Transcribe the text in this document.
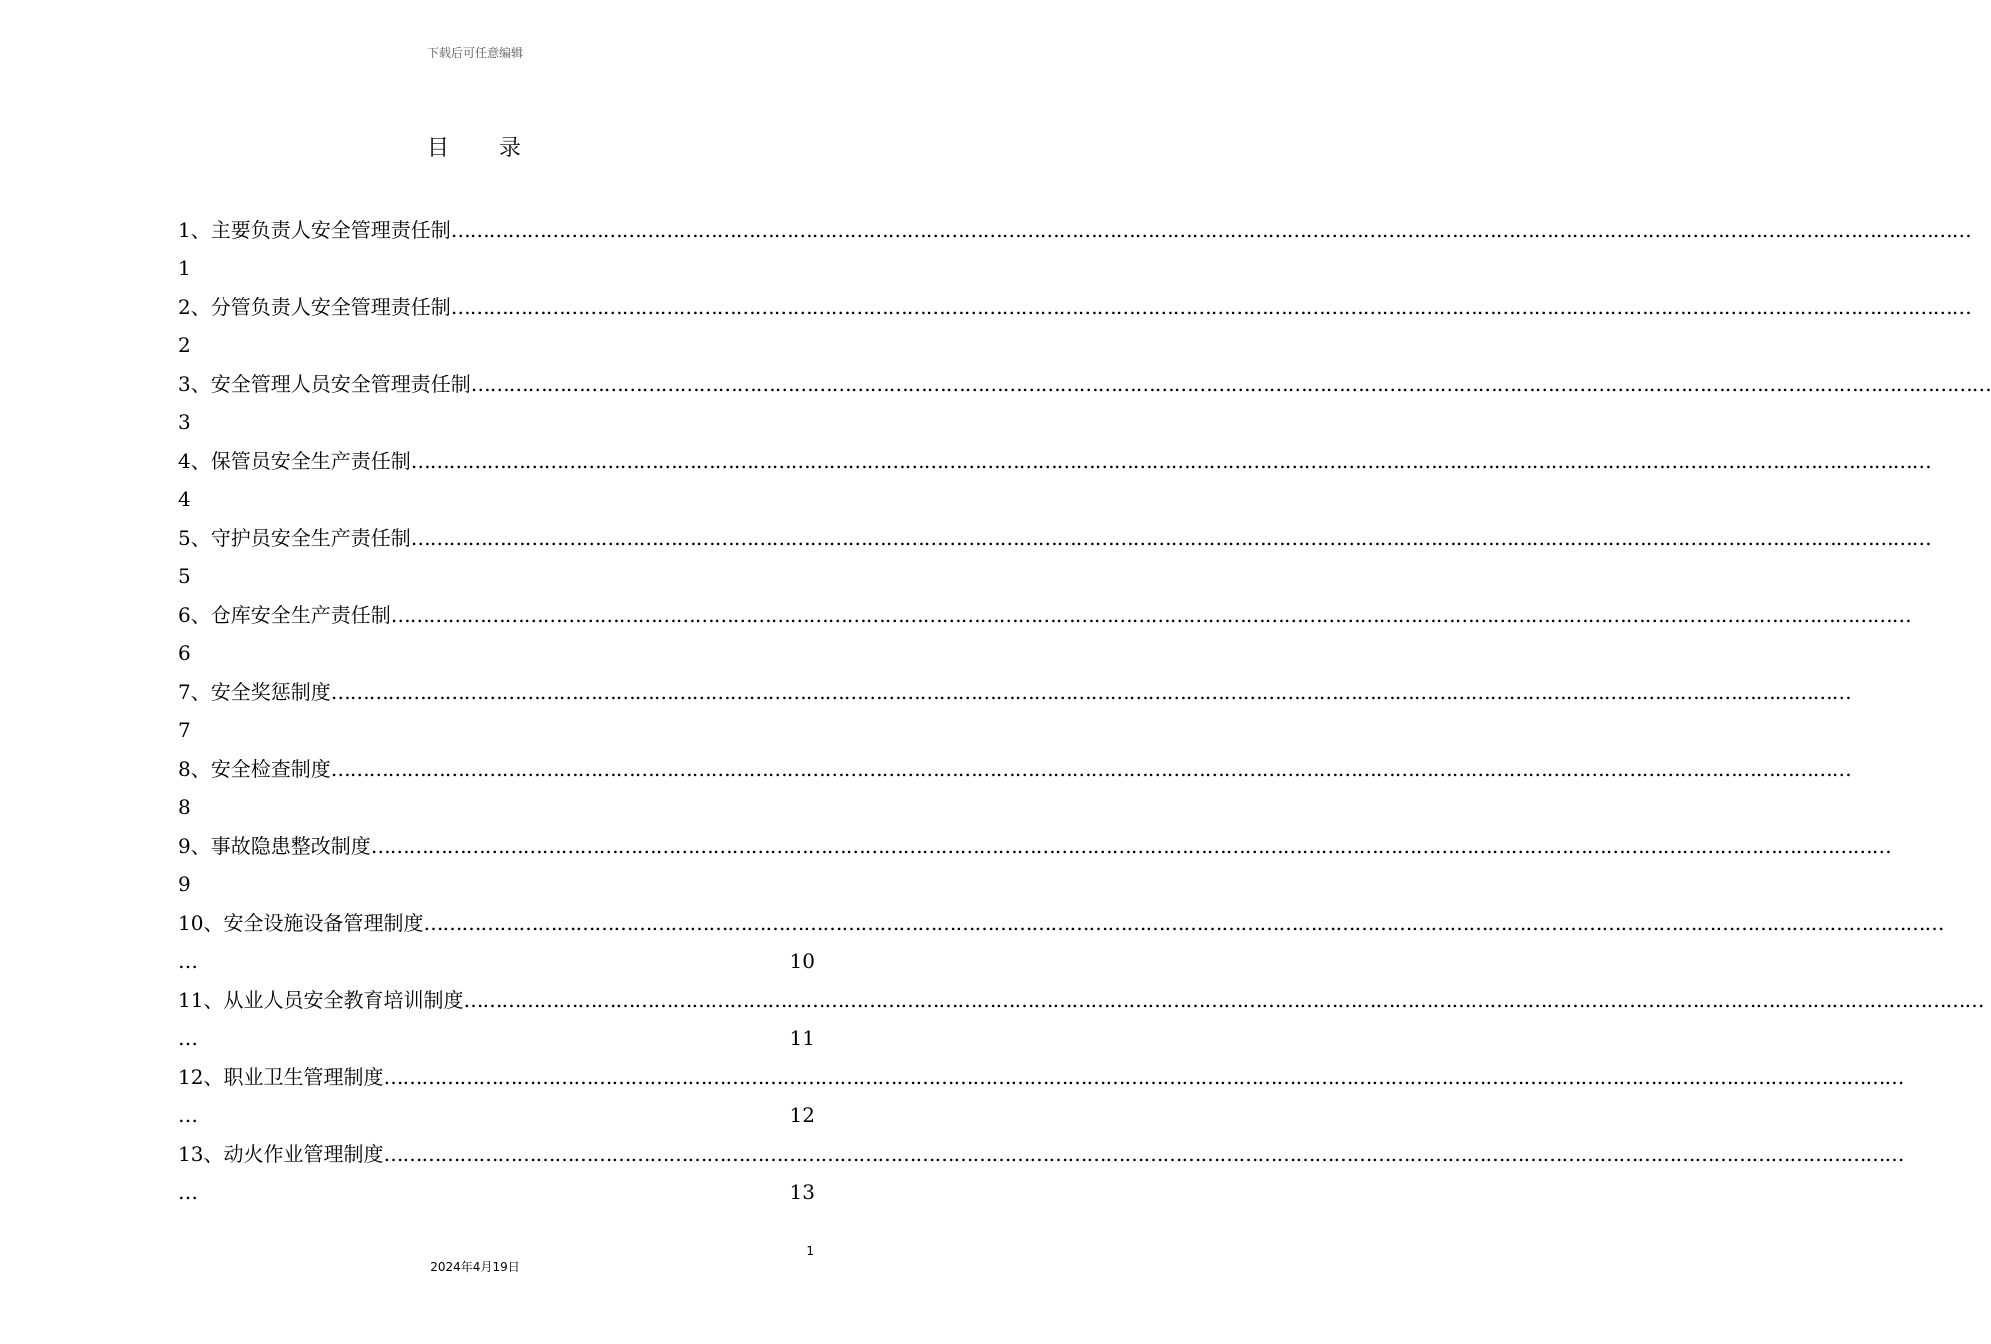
下载后可任意编辑
目　　录
1、主要负责人安全管理责任制……………………………………………………………………………………………………………………………………………………………………………………………………………………
1
2、分管负责人安全管理责任制……………………………………………………………………………………………………………………………………………………………………………………………………………………
2
3、安全管理人员安全管理责任制……………………………………………………………………………………………………………………………………………………………………………………………………………………
3
4、保管员安全生产责任制……………………………………………………………………………………………………………………………………………………………………………………………………………………
4
5、守护员安全生产责任制……………………………………………………………………………………………………………………………………………………………………………………………………………………
5
6、仓库安全生产责任制……………………………………………………………………………………………………………………………………………………………………………………………………………………
6
7、安全奖惩制度……………………………………………………………………………………………………………………………………………………………………………………………………………………
7
8、安全检查制度……………………………………………………………………………………………………………………………………………………………………………………………………………………
8
9、事故隐患整改制度……………………………………………………………………………………………………………………………………………………………………………………………………………………
9
10、安全设施设备管理制度……………………………………………………………………………………………………………………………………………………………………………………………………………………
…	10
11、从业人员安全教育培训制度……………………………………………………………………………………………………………………………………………………………………………………………………………………
…	11
12、职业卫生管理制度……………………………………………………………………………………………………………………………………………………………………………………………………………………
…	12
13、动火作业管理制度……………………………………………………………………………………………………………………………………………………………………………………………………………………
…	13
1
2024年4月19日
